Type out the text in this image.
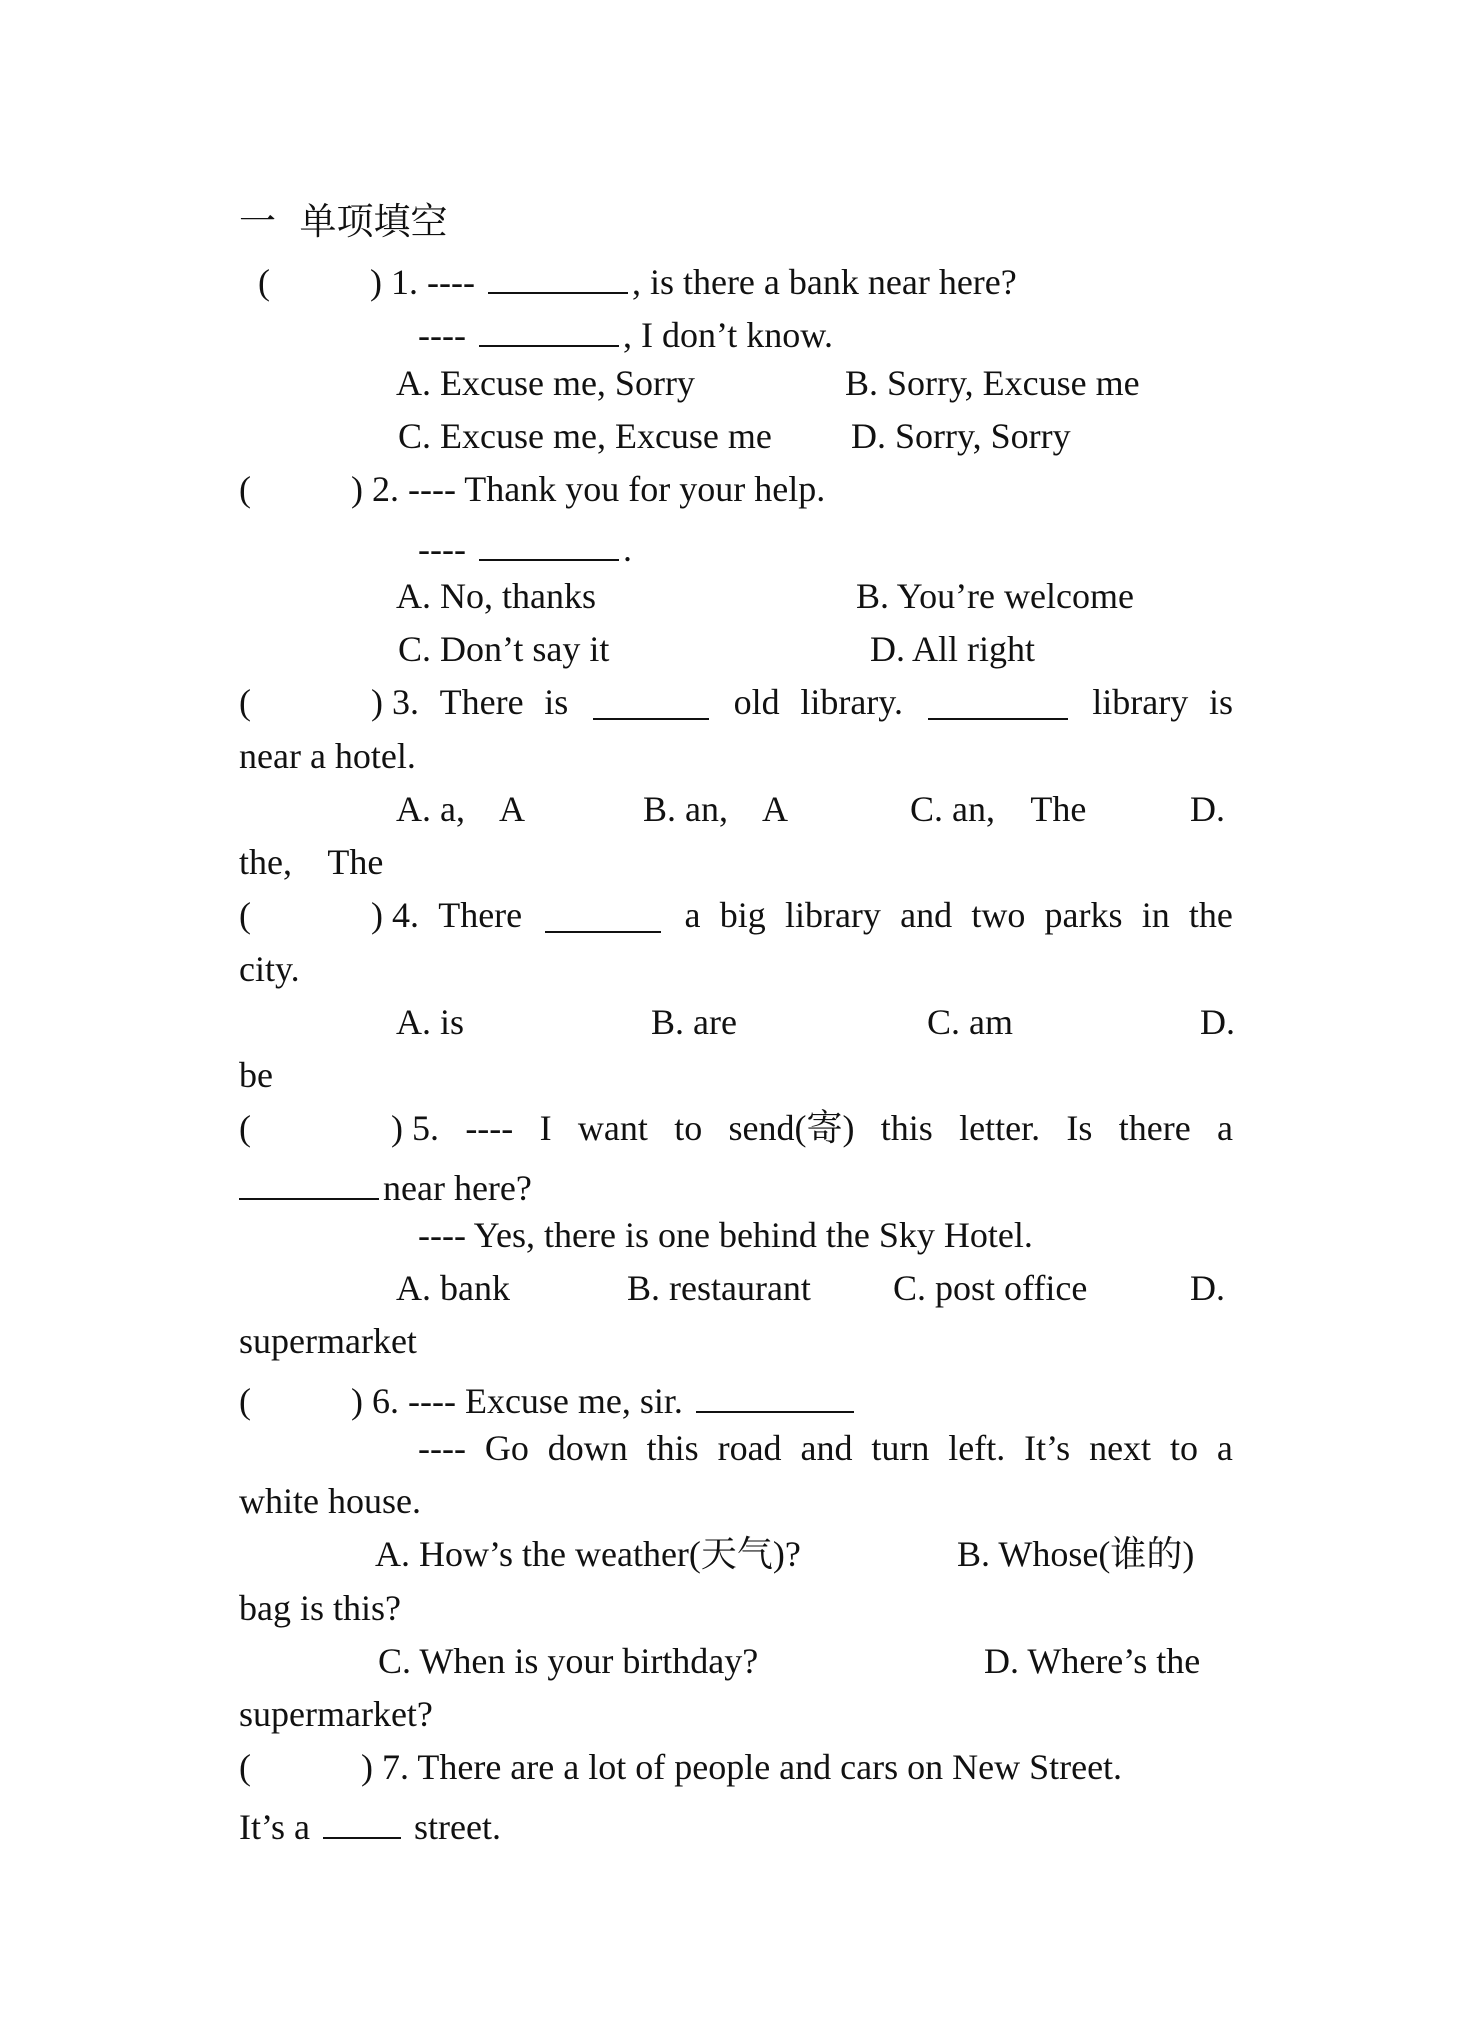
一  单项填空
(	) 1. ----	, is there a bank near here?
----	, I don’t know.
A. Excuse me, Sorry	B. Sorry, Excuse me
C. Excuse me, Excuse me D. Sorry, Sorry
(	) 2. ---- Thank you for your help.
----	.
A. No, thanks	B. You’re welcome
C. Don’t say it	D. All right
(	) 3. There is	old library.	library is
near a hotel.
A. a,    A	B. an,    A	C. an,    The	D.
the,    The
(	) 4. There	a big library and two parks in the
city.
A. is	B. are	C. am	D.
be
(	) 5. ---- I want to send(寄) this letter. Is there a
near here?
---- Yes, there is one behind the Sky Hotel.
A. bank	B. restaurant C. post office	D.
supermarket
(	) 6. ---- Excuse me, sir.
---- Go down this road and turn left. It’s next to a
white house.
A. How’s the weather(天气)?	B. Whose(谁的)
bag is this?
C. When is your birthday?	D. Where’s the
supermarket?
(	) 7. There are a lot of people and cars on New Street.
It’s a  street.
